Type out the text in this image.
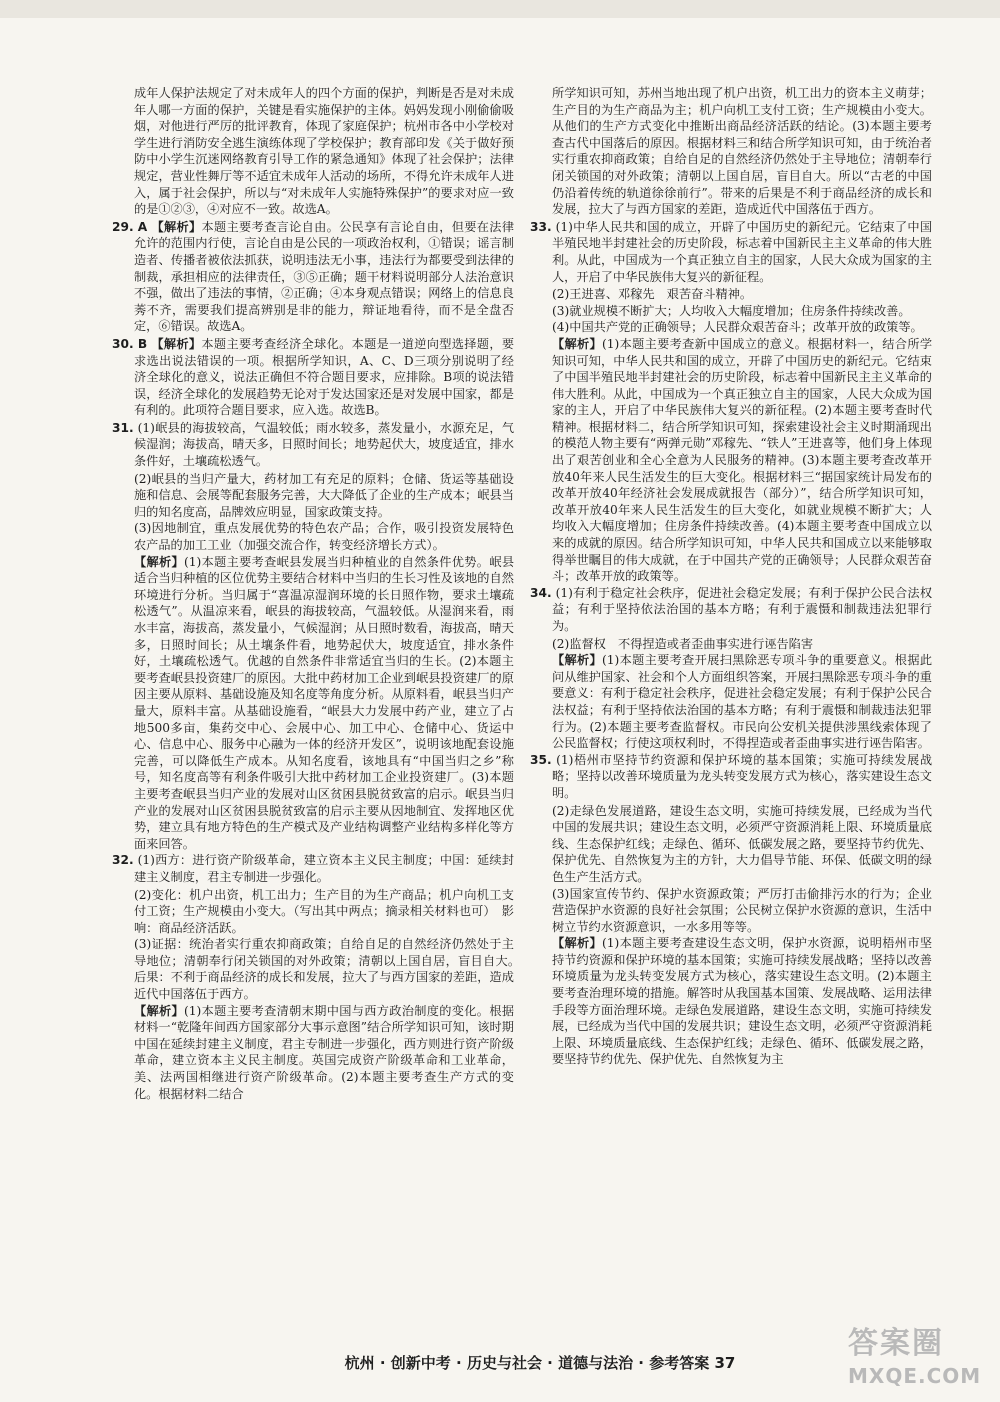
成年人保护法规定了对未成年人的四个方面的保护，判断是否是对未成年人哪一方面的保护，关键是看实施保护的主体。妈妈发现小刚偷偷吸烟，对他进行严厉的批评教育，体现了家庭保护；杭州市各中小学校对学生进行消防安全逃生演练体现了学校保护；教育部印发《关于做好预防中小学生沉迷网络教育引导工作的紧急通知》体现了社会保护；法律规定，营业性舞厅等不适宜未成年人活动的场所，不得允许未成年人进入，属于社会保护，所以与“对未成年人实施特殊保护”的要求对应一致的是①②③，④对应不一致。故选A。

29. A 【解析】本题主要考查言论自由。公民享有言论自由，但要在法律允许的范围内行使，言论自由是公民的一项政治权利，①错误；谣言制造者、传播者被依法抓获，说明违法无小事，违法行为都要受到法律的制裁，承担相应的法律责任，③⑤正确；题干材料说明部分人法治意识不强，做出了违法的事情，②正确；④本身观点错误；网络上的信息良莠不齐，需要我们提高辨别是非的能力，辩证地看待，而不是全盘否定，⑥错误。故选A。

30. B 【解析】本题主要考查经济全球化。本题是一道逆向型选择题，要求选出说法错误的一项。根据所学知识，A、C、D三项分别说明了经济全球化的意义，说法正确但不符合题目要求，应排除。B项的说法错误，经济全球化的发展趋势无论对于发达国家还是对发展中国家，都是有利的。此项符合题目要求，应入选。故选B。

31. (1)岷县的海拔较高，气温较低；雨水较多，蒸发量小，水源充足，气候湿润；海拔高，晴天多，日照时间长；地势起伏大，坡度适宜，排水条件好，土壤疏松透气。

(2)岷县的当归产量大，药材加工有充足的原料；仓储、货运等基础设施和信息、会展等配套服务完善，大大降低了企业的生产成本；岷县当归的知名度高，品牌效应明显，国家政策支持。

(3)因地制宜，重点发展优势的特色农产品；合作，吸引投资发展特色农产品的加工工业（加强交流合作，转变经济增长方式）。

【解析】(1)本题主要考查岷县发展当归种植业的自然条件优势。岷县适合当归种植的区位优势主要结合材料中当归的生长习性及该地的自然环境进行分析。当归属于“喜温凉湿润环境的长日照作物，要求土壤疏松透气”。从温凉来看，岷县的海拔较高，气温较低。从湿润来看，雨水丰富，海拔高，蒸发量小，气候湿润；从日照时数看，海拔高，晴天多，日照时间长；从土壤条件看，地势起伏大，坡度适宜，排水条件好，土壤疏松透气。优越的自然条件非常适宜当归的生长。(2)本题主要考查岷县投资建厂的原因。大批中药材加工企业到岷县投资建厂的原因主要从原料、基础设施及知名度等角度分析。从原料看，岷县当归产量大，原料丰富。从基础设施看，“岷县大力发展中药产业，建立了占地500多亩，集药交中心、会展中心、加工中心、仓储中心、货运中心、信息中心、服务中心融为一体的经济开发区”，说明该地配套设施完善，可以降低生产成本。从知名度看，该地具有“中国当归之乡”称号，知名度高等有利条件吸引大批中药材加工企业投资建厂。(3)本题主要考查岷县当归产业的发展对山区贫困县脱贫致富的启示。岷县当归产业的发展对山区贫困县脱贫致富的启示主要从因地制宜、发挥地区优势，建立具有地方特色的生产模式及产业结构调整产业结构多样化等方面来回答。

32. (1)西方：进行资产阶级革命，建立资本主义民主制度；中国：延续封建主义制度，君主专制进一步强化。

(2)变化：机户出资，机工出力；生产目的为生产商品；机户向机工支付工资；生产规模由小变大。（写出其中两点；摘录相关材料也可）　影响：商品经济活跃。

(3)证据：统治者实行重农抑商政策；自给自足的自然经济仍然处于主导地位；清朝奉行闭关锁国的对外政策；清朝以上国自居，盲目自大。　后果：不利于商品经济的成长和发展，拉大了与西方国家的差距，造成近代中国落伍于西方。

【解析】(1)本题主要考查清朝末期中国与西方政治制度的变化。根据材料一“乾隆年间西方国家部分大事示意图”结合所学知识可知，该时期中国在延续封建主义制度，君主专制进一步强化，西方则进行资产阶级革命，建立资本主义民主制度。英国完成资产阶级革命和工业革命，美、法两国相继进行资产阶级革命。(2)本题主要考查生产方式的变化。根据材料二结合

所学知识可知，苏州当地出现了机户出资，机工出力的资本主义萌芽；生产目的为生产商品为主；机户向机工支付工资；生产规模由小变大。从他们的生产方式变化中推断出商品经济活跃的结论。(3)本题主要考查古代中国落后的原因。根据材料三和结合所学知识可知，由于统治者实行重农抑商政策；自给自足的自然经济仍然处于主导地位；清朝奉行闭关锁国的对外政策；清朝以上国自居，盲目自大。所以“古老的中国仍沿着传统的轨道徐徐前行”。带来的后果是不利于商品经济的成长和发展，拉大了与西方国家的差距，造成近代中国落伍于西方。

33. (1)中华人民共和国的成立，开辟了中国历史的新纪元。它结束了中国半殖民地半封建社会的历史阶段，标志着中国新民主主义革命的伟大胜利。从此，中国成为一个真正独立自主的国家，人民大众成为国家的主人，开启了中华民族伟大复兴的新征程。

(2)王进喜、邓稼先　艰苦奋斗精神。

(3)就业规模不断扩大；人均收入大幅度增加；住房条件持续改善。

(4)中国共产党的正确领导；人民群众艰苦奋斗；改革开放的政策等。

【解析】(1)本题主要考查新中国成立的意义。根据材料一，结合所学知识可知，中华人民共和国的成立，开辟了中国历史的新纪元。它结束了中国半殖民地半封建社会的历史阶段，标志着中国新民主主义革命的伟大胜利。从此，中国成为一个真正独立自主的国家，人民大众成为国家的主人，开启了中华民族伟大复兴的新征程。(2)本题主要考查时代精神。根据材料二，结合所学知识可知，探索建设社会主义时期涌现出的模范人物主要有“两弹元勋”邓稼先、“铁人”王进喜等，他们身上体现出了艰苦创业和全心全意为人民服务的精神。(3)本题主要考查改革开放40年来人民生活发生的巨大变化。根据材料三“据国家统计局发布的改革开放40年经济社会发展成就报告（部分）”，结合所学知识可知，改革开放40年来人民生活发生的巨大变化，如就业规模不断扩大；人均收入大幅度增加；住房条件持续改善。(4)本题主要考查中国成立以来的成就的原因。结合所学知识可知，中华人民共和国成立以来能够取得举世瞩目的伟大成就，在于中国共产党的正确领导；人民群众艰苦奋斗；改革开放的政策等。

34. (1)有利于稳定社会秩序，促进社会稳定发展；有利于保护公民合法权益；有利于坚持依法治国的基本方略；有利于震慑和制裁违法犯罪行为。

(2)监督权　不得捏造或者歪曲事实进行诬告陷害

【解析】(1)本题主要考查开展扫黑除恶专项斗争的重要意义。根据此问从维护国家、社会和个人方面组织答案，开展扫黑除恶专项斗争的重要意义：有利于稳定社会秩序，促进社会稳定发展；有利于保护公民合法权益；有利于坚持依法治国的基本方略；有利于震慑和制裁违法犯罪行为。(2)本题主要考查监督权。市民向公安机关提供涉黑线索体现了公民监督权；行使这项权利时，不得捏造或者歪曲事实进行诬告陷害。

35. (1)梧州市坚持节约资源和保护环境的基本国策；实施可持续发展战略；坚持以改善环境质量为龙头转变发展方式为核心，落实建设生态文明。

(2)走绿色发展道路，建设生态文明，实施可持续发展，已经成为当代中国的发展共识；建设生态文明，必须严守资源消耗上限、环境质量底线、生态保护红线；走绿色、循环、低碳发展之路，要坚持节约优先、保护优先、自然恢复为主的方针，大力倡导节能、环保、低碳文明的绿色生产生活方式。

(3)国家宣传节约、保护水资源政策；严厉打击偷排污水的行为；企业营造保护水资源的良好社会氛围；公民树立保护水资源的意识，生活中树立节约水资源意识，一水多用等等。

【解析】(1)本题主要考查建设生态文明，保护水资源，说明梧州市坚持节约资源和保护环境的基本国策；实施可持续发展战略；坚持以改善环境质量为龙头转变发展方式为核心，落实建设生态文明。(2)本题主要考查治理环境的措施。解答时从我国基本国策、发展战略、运用法律手段等方面治理环境。走绿色发展道路，建设生态文明，实施可持续发展，已经成为当代中国的发展共识；建设生态文明，必须严守资源消耗上限、环境质量底线、生态保护红线；走绿色、循环、低碳发展之路，要坚持节约优先、保护优先、自然恢复为主

杭州 · 创新中考 · 历史与社会 · 道德与法治 · 参考答案 37
答案圈
MXQE.COM
